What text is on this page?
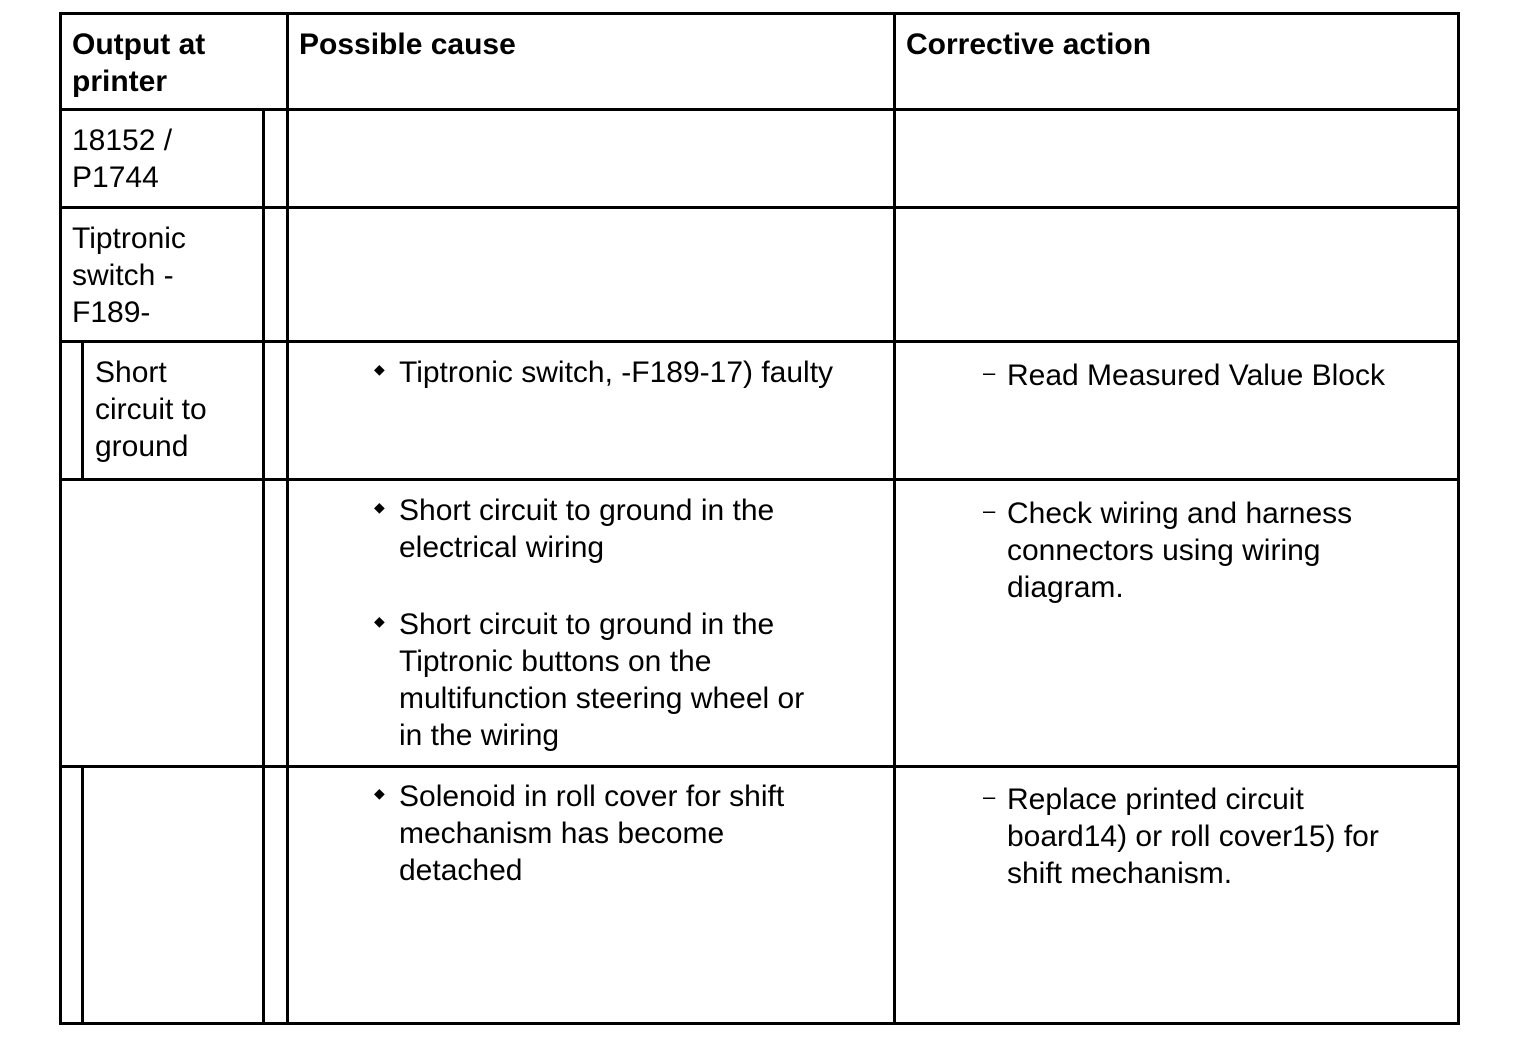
Output at
printer
Possible cause	Corrective action
18152 /
P1744
Tiptronic
switch -
F189-
Short
circuit to
ground
◆ Tiptronic switch, -F189-17) faulty	– Read Measured Value Block
◆ Short circuit to ground in the
electrical wiring
◆ Short circuit to ground in the
Tiptronic buttons on the
multifunction steering wheel or
in the wiring
– Check wiring and harness
connectors using wiring
diagram.
◆ Solenoid in roll cover for shift
mechanism has become
detached
– Replace printed circuit
board14) or roll cover15) for
shift mechanism.
